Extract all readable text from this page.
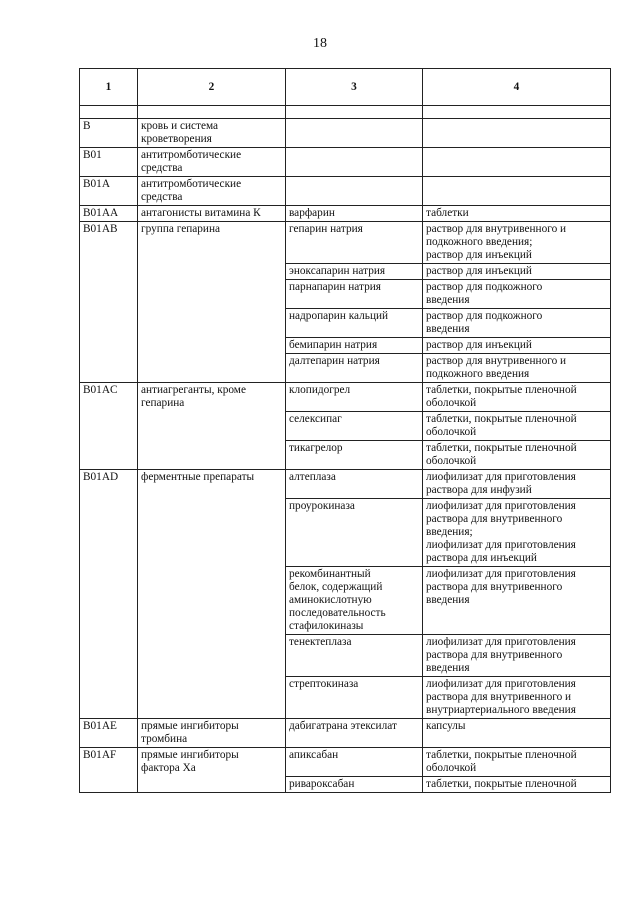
18
1	2	3	4

B	кровь и система
кроветворения		
B01	антитромботические
средства		
B01A	антитромботические
средства		
B01AA	антагонисты витамина К	варфарин	таблетки
B01AB	группа гепарина	гепарин натрия	раствор для внутривенного и
подкожного введения;
раствор для инъекций
		эноксапарин натрия	раствор для инъекций
		парнапарин натрия	раствор для подкожного
введения
		надропарин кальций	раствор для подкожного
введения
		бемипарин натрия	раствор для инъекций
		далтепарин натрия	раствор для внутривенного и
подкожного введения
B01AC	антиагреганты, кроме
гепарина	клопидогрел	таблетки, покрытые пленочной
оболочкой
		селексипаг	таблетки, покрытые пленочной
оболочкой
		тикагрелор	таблетки, покрытые пленочной
оболочкой
B01AD	ферментные препараты	алтеплаза	лиофилизат для приготовления
раствора для инфузий
		проурокиназа	лиофилизат для приготовления
раствора для внутривенного
введения;
лиофилизат для приготовления
раствора для инъекций
		рекомбинантный
белок, содержащий
аминокислотную
последовательность
стафилокиназы	лиофилизат для приготовления
раствора для внутривенного
введения
		тенектеплаза	лиофилизат для приготовления
раствора для внутривенного
введения
		стрептокиназа	лиофилизат для приготовления
раствора для внутривенного и
внутриартериального введения
B01AE	прямые ингибиторы
тромбина	дабигатрана этексилат	капсулы
B01AF	прямые ингибиторы
фактора Ха	апиксабан	таблетки, покрытые пленочной
оболочкой
		ривароксабан	таблетки, покрытые пленочной
